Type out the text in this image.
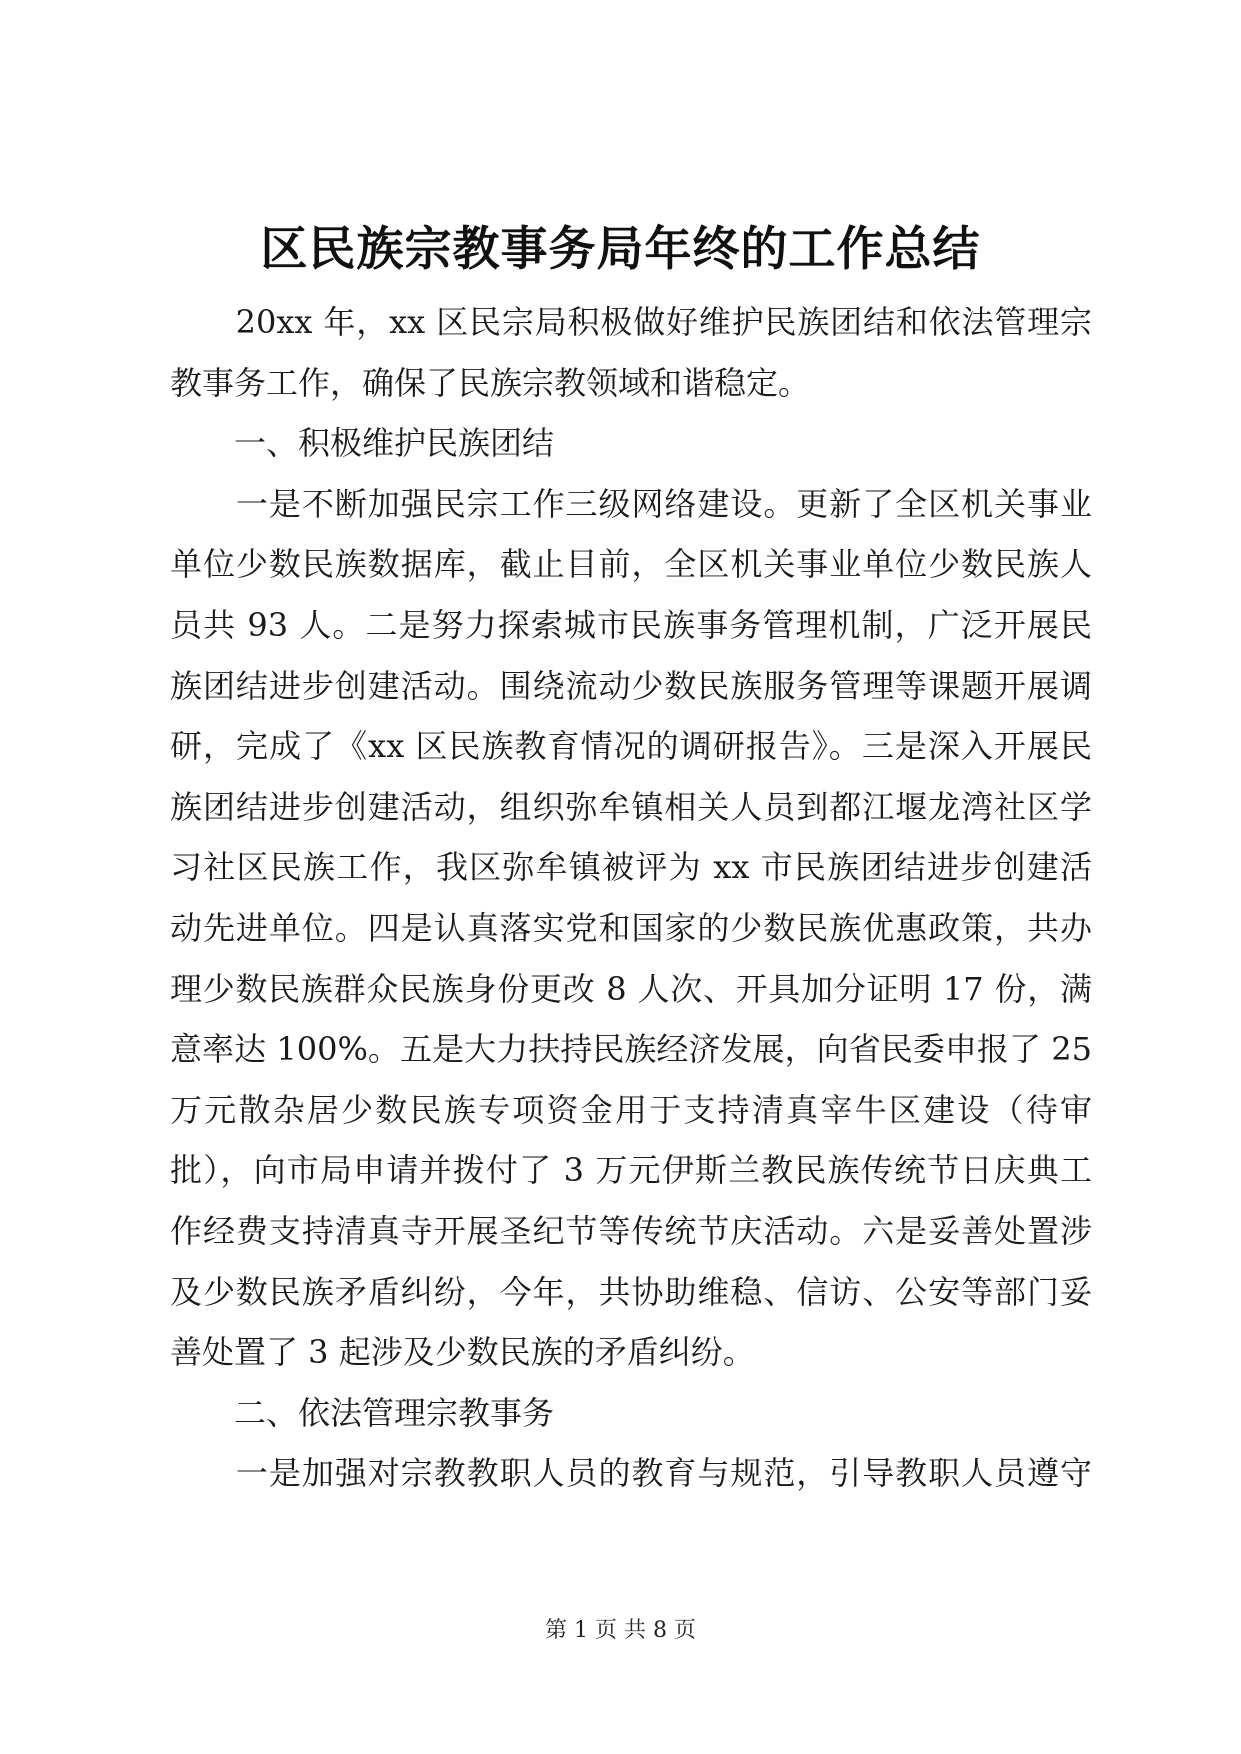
区民族宗教事务局年终的工作总结
　　20xx 年，xx 区民宗局积极做好维护民族团结和依法管理宗
教事务工作，确保了民族宗教领域和谐稳定。
　　一、积极维护民族团结
　　一是不断加强民宗工作三级网络建设。更新了全区机关事业
单位少数民族数据库，截止目前，全区机关事业单位少数民族人
员共 93 人。二是努力探索城市民族事务管理机制，广泛开展民
族团结进步创建活动。围绕流动少数民族服务管理等课题开展调
研，完成了《xx 区民族教育情况的调研报告》。三是深入开展民
族团结进步创建活动，组织弥牟镇相关人员到都江堰龙湾社区学
习社区民族工作，我区弥牟镇被评为 xx 市民族团结进步创建活
动先进单位。四是认真落实党和国家的少数民族优惠政策，共办
理少数民族群众民族身份更改 8 人次、开具加分证明 17 份，满
意率达 100%。五是大力扶持民族经济发展，向省民委申报了 25
万元散杂居少数民族专项资金用于支持清真宰牛区建设（待审
批），向市局申请并拨付了 3 万元伊斯兰教民族传统节日庆典工
作经费支持清真寺开展圣纪节等传统节庆活动。六是妥善处置涉
及少数民族矛盾纠纷，今年，共协助维稳、信访、公安等部门妥
善处置了 3 起涉及少数民族的矛盾纠纷。
　　二、依法管理宗教事务
　　一是加强对宗教教职人员的教育与规范，引导教职人员遵守
第 1 页 共 8 页
